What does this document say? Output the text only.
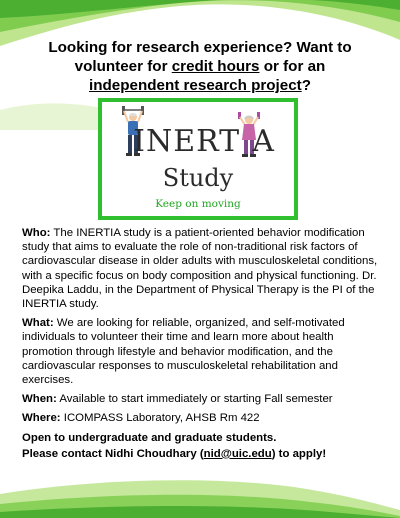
Looking for research experience? Want to
volunteer for credit hours or for an
independent research project?
INERT A
Study
Keep on moving

Who: The INERTIA study is a patient-oriented behavior modification study that aims to evaluate the role of non-traditional risk factors of cardiovascular disease in older adults with musculoskeletal conditions, with a specific focus on body composition and physical functioning. Dr. Deepika Laddu, in the Department of Physical Therapy is the PI of the INERTIA study.

What: We are looking for reliable, organized, and self-motivated individuals to volunteer their time and learn more about health promotion through lifestyle and behavior modification, and the cardiovascular responses to musculoskeletal rehabilitation and exercises.

When: Available to start immediately or starting Fall semester

Where: ICOMPASS Laboratory, AHSB Rm 422

Open to undergraduate and graduate students.

Please contact Nidhi Choudhary (nid@uic.edu) to apply!
